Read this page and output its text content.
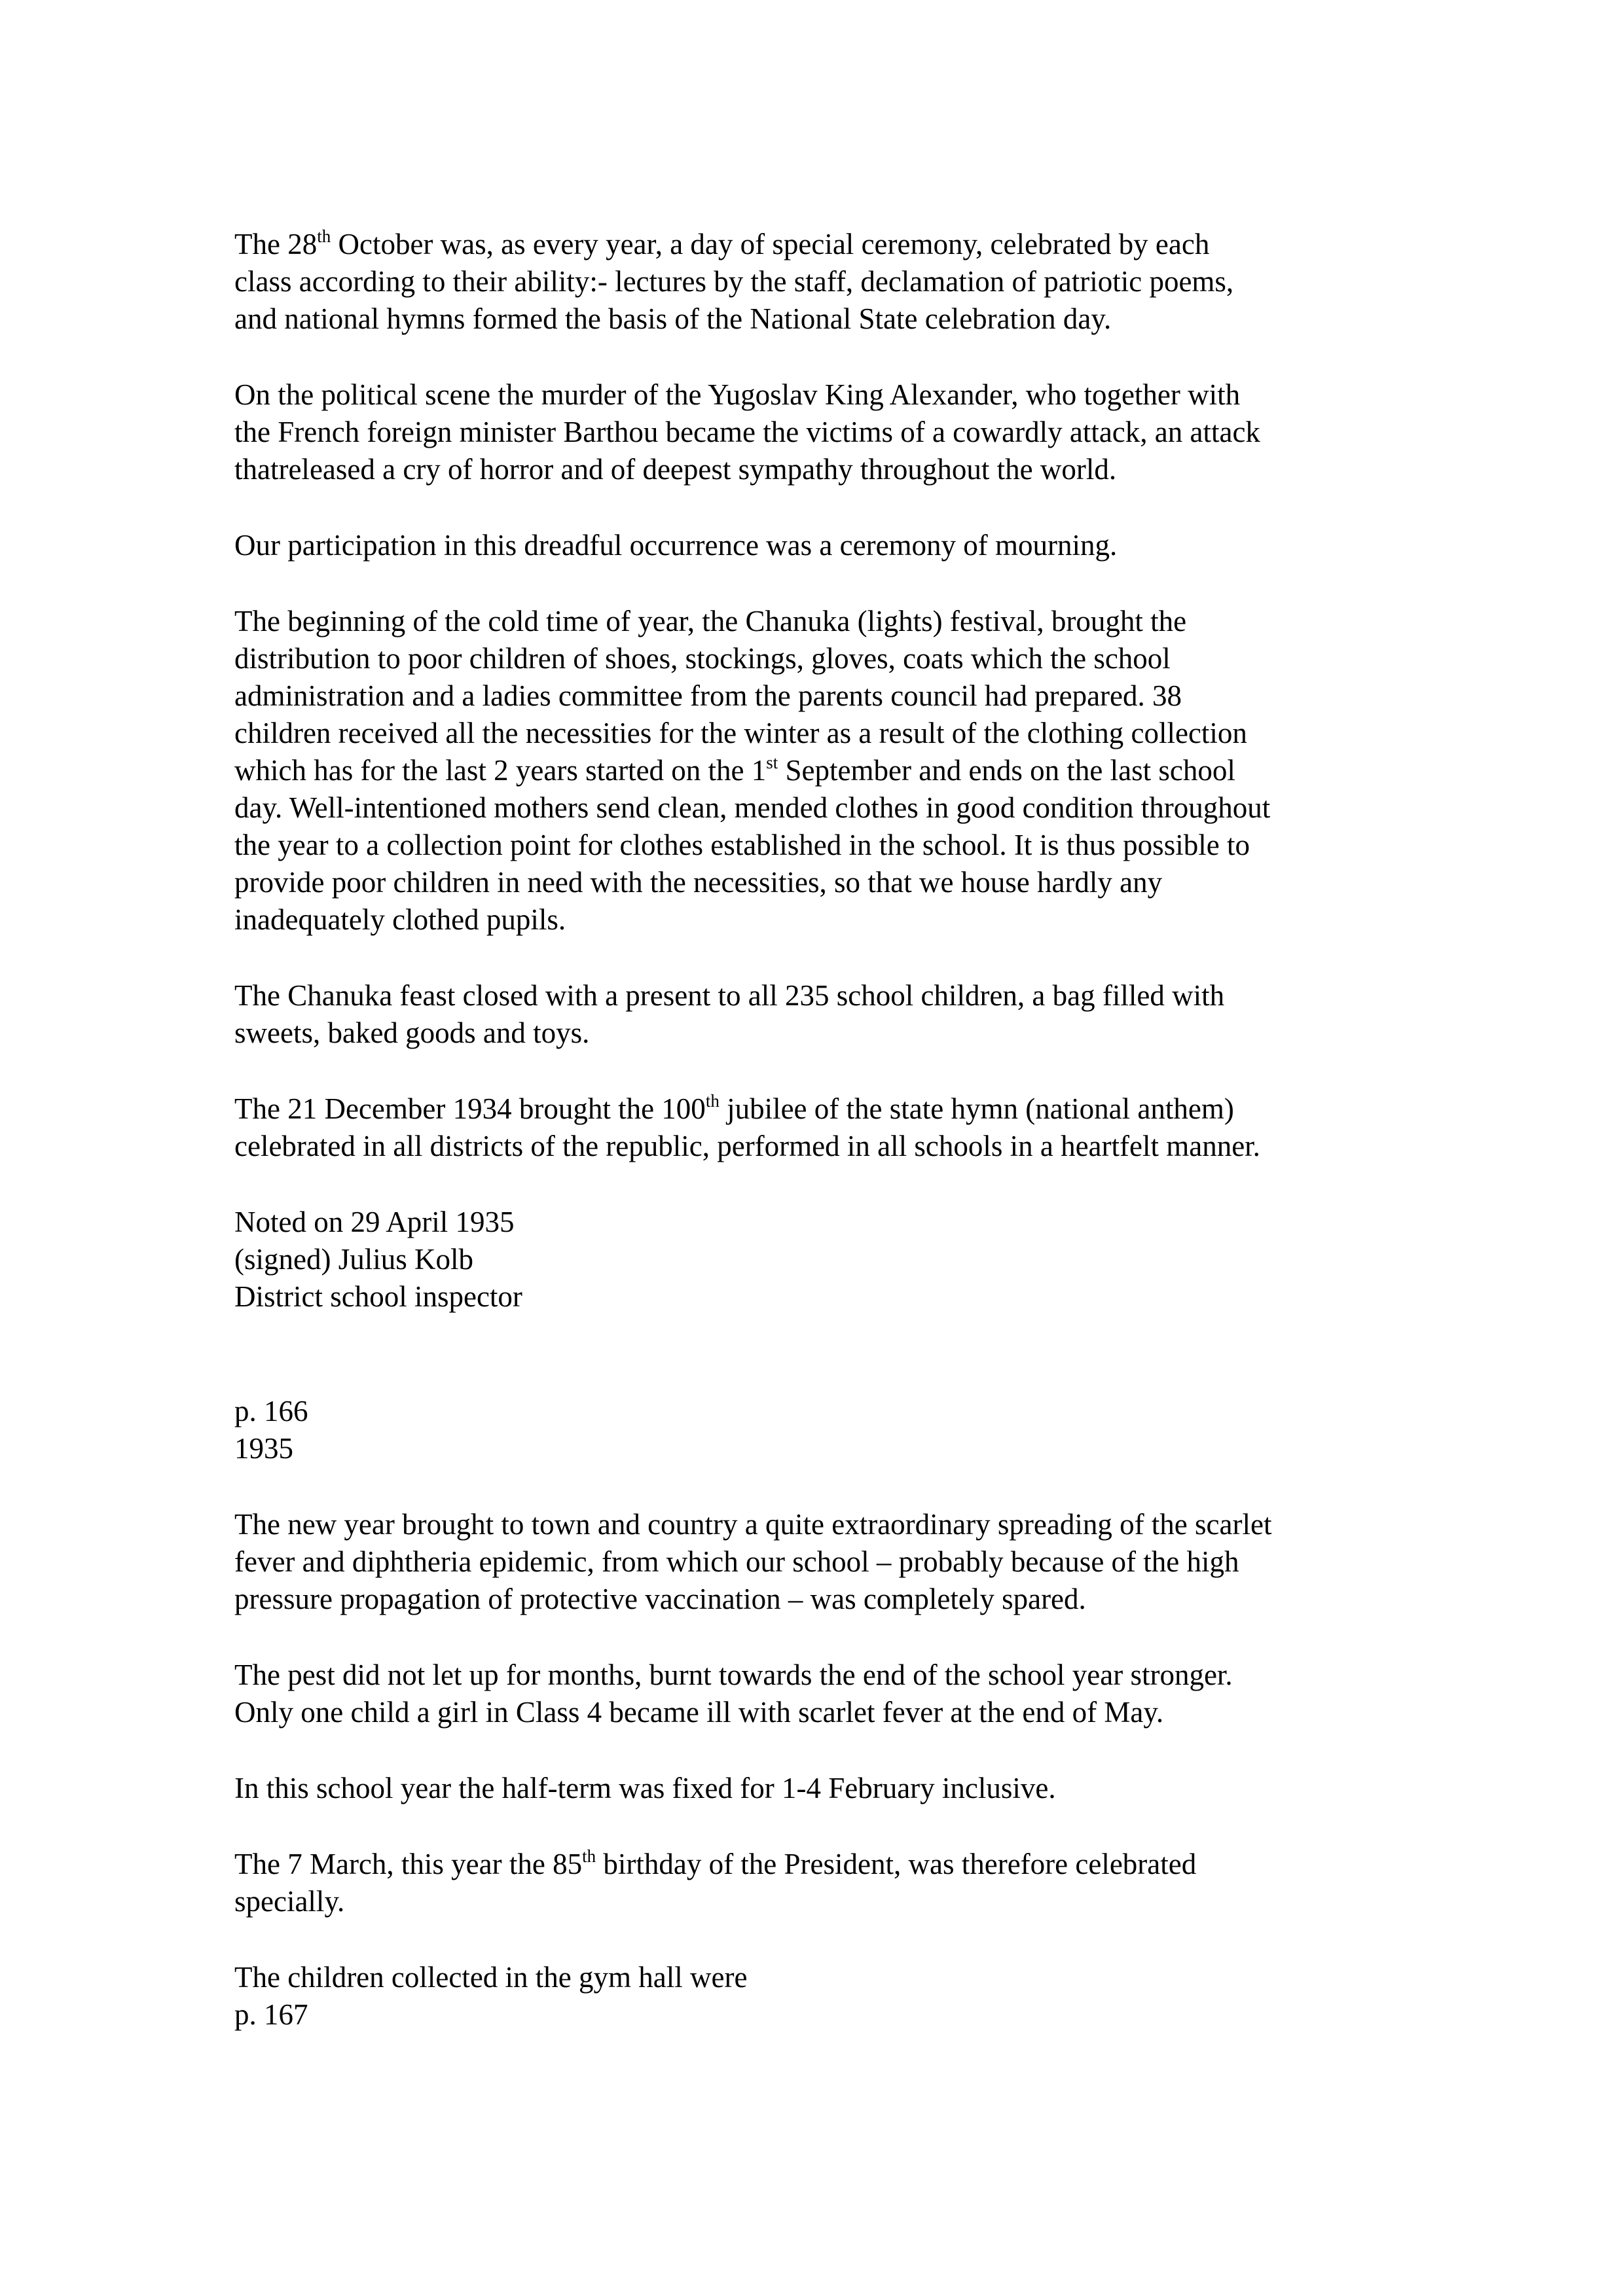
The 28th October was, as every year, a day of special ceremony, celebrated by each
class according to their ability:- lectures by the staff, declamation of patriotic poems,
and national hymns formed the basis of the National State celebration day.

On the political scene the murder of the Yugoslav King Alexander, who together with
the French foreign minister Barthou became the victims of a cowardly attack, an attack
thatreleased a cry of horror and of deepest sympathy throughout the world.

Our participation in this dreadful occurrence was a ceremony of mourning.

The beginning of the cold time of year, the Chanuka (lights) festival, brought the
distribution to poor children of shoes, stockings, gloves, coats which the school
administration and a ladies committee from the parents council had prepared. 38
children received all the necessities for the winter as a result of the clothing collection
which has for the last 2 years started on the 1st September and ends on the last school
day. Well-intentioned mothers send clean, mended clothes in good condition throughout
the year to a collection point for clothes established in the school. It is thus possible to
provide poor children in need with the necessities, so that we house hardly any
inadequately clothed pupils.

The Chanuka feast closed with a present to all 235 school children, a bag filled with
sweets, baked goods and toys.

The 21 December 1934 brought the 100th jubilee of the state hymn (national anthem)
celebrated in all districts of the republic, performed in all schools in a heartfelt manner.

Noted on 29 April 1935
(signed) Julius Kolb
District school inspector

p. 166
1935

The new year brought to town and country a quite extraordinary spreading of the scarlet
fever and diphtheria epidemic, from which our school – probably because of the high
pressure propagation of protective vaccination – was completely spared.

The pest did not let up for months, burnt towards the end of the school year stronger.
Only one child a girl in Class 4 became ill with scarlet fever at the end of May.

In this school year the half-term was fixed for 1-4 February inclusive.

The 7 March, this year the 85th birthday of the President, was therefore celebrated
specially.

The children collected in the gym hall were
p. 167
